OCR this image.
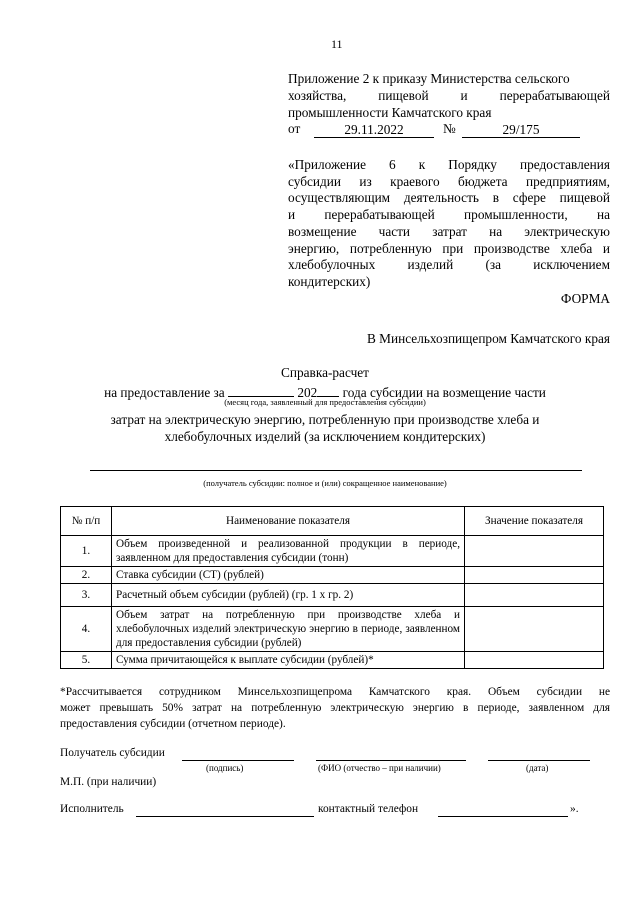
11
Приложение 2 к приказу Министерства сельского
хозяйства, пищевой и перерабатывающей
промышленности Камчатского края
от	29.11.2022	№	29/175
«Приложение 6 к Порядку предоставления
субсидии из краевого бюджета предприятиям,
осуществляющим деятельность в сфере пищевой
и перерабатывающей промышленности, на
возмещение части затрат на электрическую
энергию, потребленную при производстве хлеба и
хлебобулочных изделий (за исключением
кондитерских)
ФОРМА
В Минсельхозпищепром Камчатского края
Справка-расчет
на предоставление за	202 года субсидии на возмещение части
(месяц года, заявленный для предоставления субсидии)
затрат на электрическую энергию, потребленную при производстве хлеба и
хлебобулочных изделий (за исключением кондитерских)
(получатель субсидии: полное и (или) сокращенное наименование)
№ п/п	Наименование показателя	Значение показателя
1.	Объем произведенной и реализованной продукции в периоде, заявленном для предоставления субсидии (тонн)	
2.	Ставка субсидии (СТ) (рублей)	
3.	Расчетный объем субсидии (рублей) (гр. 1 х гр. 2)	
4.	Объем затрат на потребленную при производстве хлеба и хлебобулочных изделий электрическую энергию в периоде, заявленном для предоставления субсидии (рублей)	
5.	Сумма причитающейся к выплате субсидии (рублей)*	
*Рассчитывается сотрудником Минсельхозпищепрома Камчатского края. Объем субсидии не
может превышать 50% затрат на потребленную электрическую энергию в периоде, заявленном для
предоставления субсидии (отчетном периоде).
Получатель субсидии
(подпись)	(ФИО (отчество – при наличии)	(дата)
М.П. (при наличии)
Исполнитель	контактный телефон	».
